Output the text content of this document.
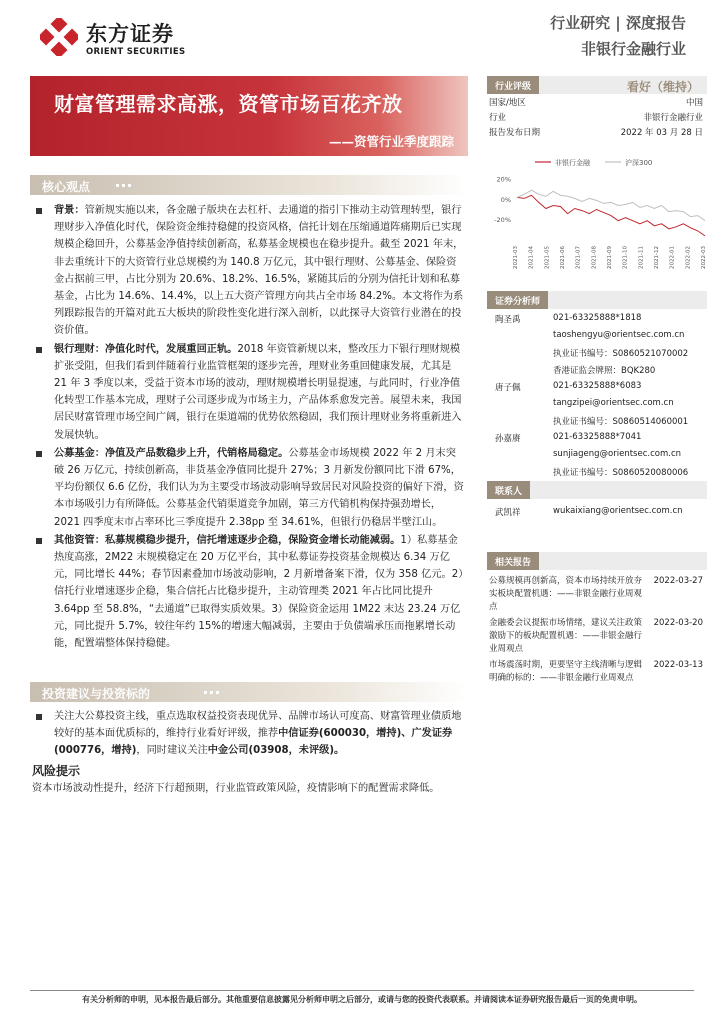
东方证券
ORIENT SECURITIES
行业研究 | 深度报告
非银行金融行业
财富管理需求高涨，资管市场百花齐放
——资管行业季度跟踪
行业评级	看好（维持）
国家/地区	中国
行业	非银行金融行业
报告发布日期	2022 年 03 月 28 日
非银行金融	沪深300
20%
0%
-20%
2021-03 2021-04 2021-05 2021-06 2021-07 2021-08 2021-09 2021-10 2021-11 2021-12 2022-01 2022-02 2022-03
证券分析师
陶圣禹	021-63325888*1818
taoshengyu@orientsec.com.cn
执业证书编号：S0860521070002
香港证监会牌照：BQK280
唐子佩	021-63325888*6083
tangzipei@orientsec.com.cn
执业证书编号：S0860514060001
孙嘉赓	021-63325888*7041
sunjiageng@orientsec.com.cn
执业证书编号：S0860520080006
联系人
武凯祥	wukaixiang@orientsec.com.cn
相关报告
公募规模再创新高，资本市场持续开放夯实板块配置机遇：——非银金融行业周观点
2022-03-27
金融委会议提振市场情绪，建议关注政策激励下的板块配置机遇：——非银金融行业周观点
2022-03-20
市场震荡时期，更要坚守主线清晰与逻辑明确的标的：——非银金融行业周观点
2022-03-13
核心观点
背景：管新规实施以来，各金融子版块在去杠杆、去通道的指引下推动主动管理转型，银行理财步入净值化时代，保险资金维持稳健的投资风格，信托计划在压缩通道阵痛期后已实现规模企稳回升，公募基金净值持续创新高，私募基金规模也在稳步提升。截至 2021 年末，非去重统计下的大资管行业总规模约为 140.8 万亿元，其中银行理财、公募基金、保险资金占据前三甲，占比分别为 20.6%、18.2%、16.5%，紧随其后的分别为信托计划和私募基金，占比为 14.6%、14.4%，以上五大资产管理方向共占全市场 84.2%。本文将作为系列跟踪报告的开篇对此五大板块的阶段性变化进行深入剖析，以此探寻大资管行业潜在的投资价值。
银行理财：净值化时代，发展重回正轨。2018 年资管新规以来，整改压力下银行理财规模扩张受阻，但我们看到伴随着行业监管框架的逐步完善，理财业务重回健康发展，尤其是 21 年 3 季度以来，受益于资本市场的波动，理财规模增长明显提速，与此同时，行业净值化转型工作基本完成，理财子公司逐步成为市场主力，产品体系愈发完善。展望未来，我国居民财富管理市场空间广阔，银行在渠道端的优势依然稳固，我们预计理财业务将重新进入发展快轨。
公募基金：净值及产品数稳步上升，代销格局稳定。公募基金市场规模 2022 年 2 月末突破 26 万亿元，持续创新高，非货基金净值同比提升 27%；3 月新发份额同比下滑 67%，平均份额仅 6.6 亿份，我们认为为主要受市场波动影响导致居民对风险投资的偏好下滑，资本市场吸引力有所降低。公募基金代销渠道竞争加剧，第三方代销机构保持强劲增长，2021 四季度末市占率环比三季度提升 2.38pp 至 34.61%，但银行仍稳居半壁江山。
其他资管：私募规模稳步提升，信托增速逐步企稳，保险资金增长动能减弱。1）私募基金热度高涨，2M22 末规模稳定在 20 万亿平台，其中私募证券投资基金规模达 6.34 万亿元，同比增长 44%；春节因素叠加市场波动影响，2 月新增备案下滑，仅为 358 亿元。2）信托行业增速逐步企稳，集合信托占比稳步提升，主动管理类 2021 年占比同比提升 3.64pp 至 58.8%，“去通道”已取得实质效果。3）保险资金运用 1M22 末达 23.24 万亿元，同比提升 5.7%，较往年约 15%的增速大幅减弱，主要由于负债端承压而拖累增长动能，配置端整体保持稳健。
投资建议与投资标的
关注大公募投资主线，重点选取权益投资表现优异、品牌市场认可度高、财富管理业债质地较好的基本面优质标的，维持行业看好评级，推荐中信证券(600030，增持)、广发证券(000776，增持)，同时建议关注中金公司(03908，未评级)。
风险提示
资本市场波动性提升，经济下行超预期，行业监管政策风险，疫情影响下的配置需求降低。
有关分析师的申明，见本报告最后部分。其他重要信息披露见分析师申明之后部分，或请与您的投资代表联系。并请阅读本证券研究报告最后一页的免责申明。
